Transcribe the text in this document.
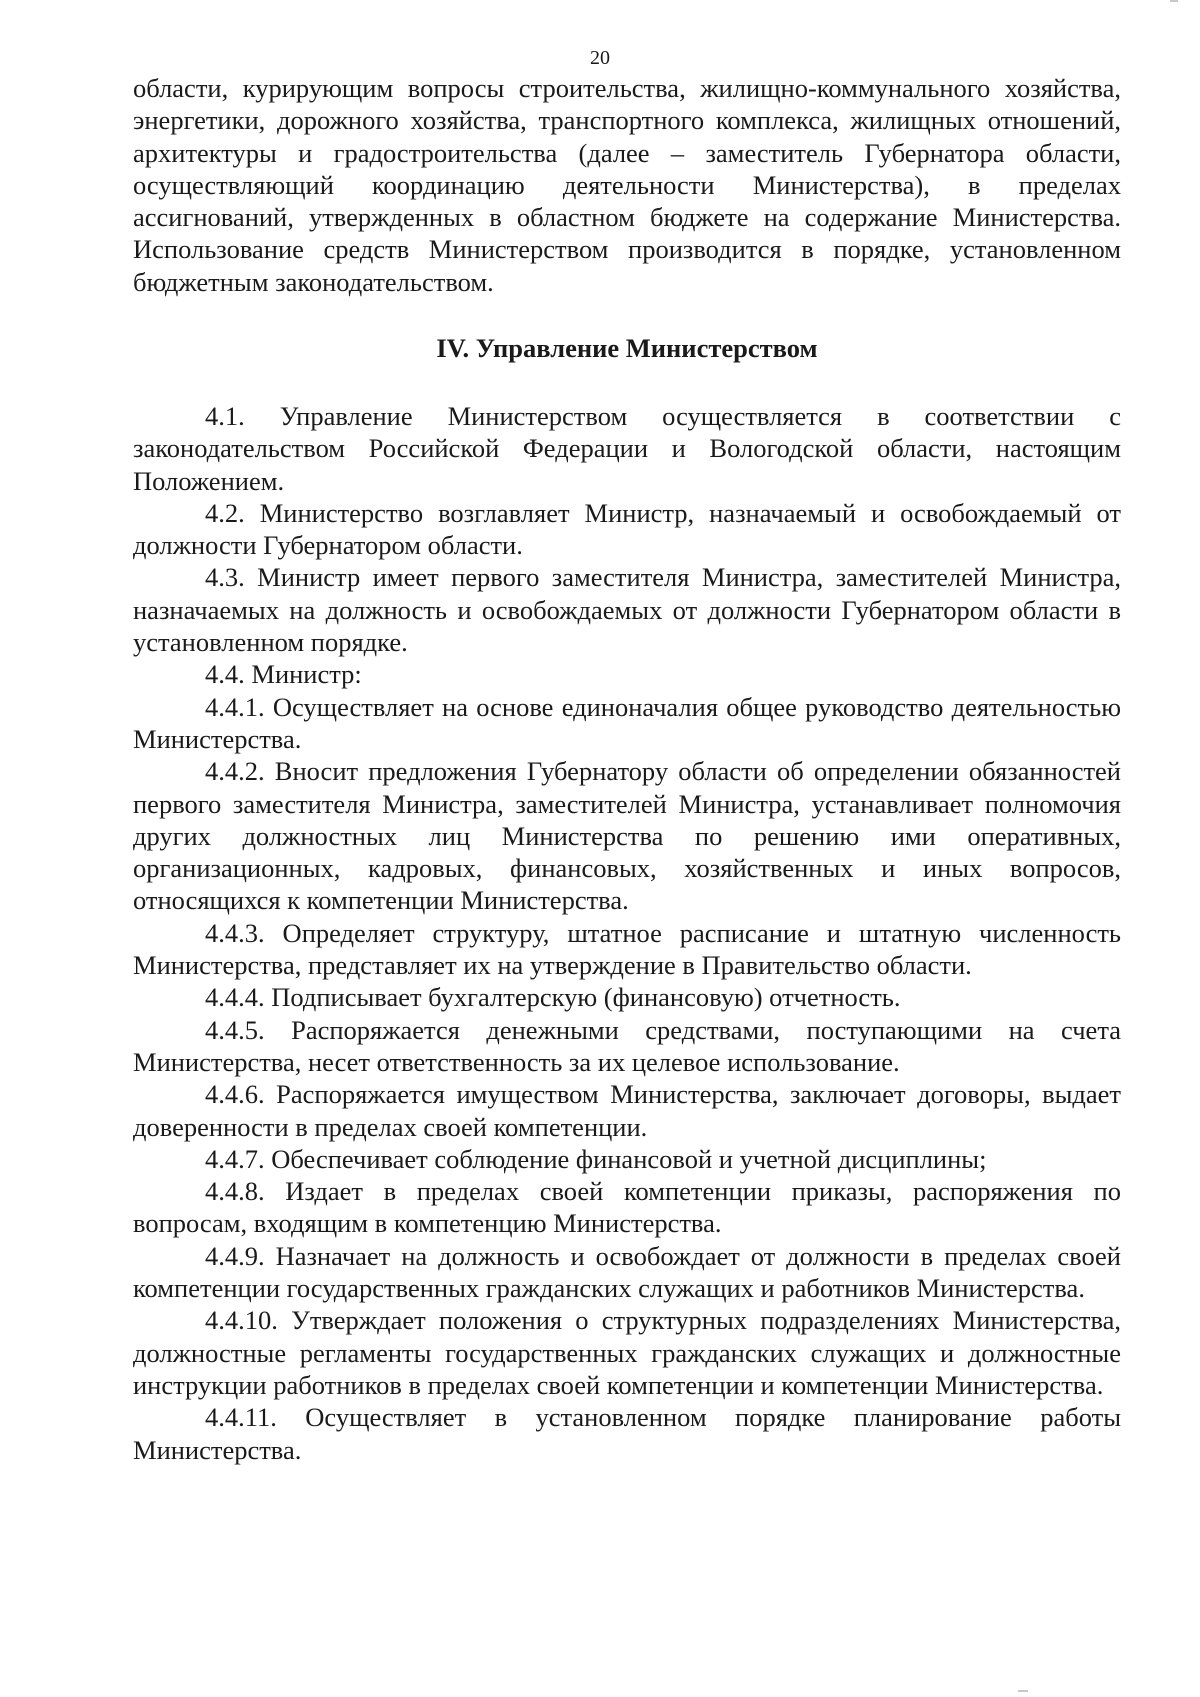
20

области, курирующим вопросы строительства, жилищно-коммунального хозяйства, энергетики, дорожного хозяйства, транспортного комплекса, жилищных отношений, архитектуры и градостроительства (далее – заместитель Губернатора области, осуществляющий координацию деятельности Министерства), в пределах ассигнований, утвержденных в областном бюджете на содержание Министерства. Использование средств Министерством производится в порядке, установленном бюджетным законодательством.

IV. Управление Министерством

4.1. Управление Министерством осуществляется в соответствии с законодательством Российской Федерации и Вологодской области, настоящим Положением.

4.2. Министерство возглавляет Министр, назначаемый и освобождаемый от должности Губернатором области.

4.3. Министр имеет первого заместителя Министра, заместителей Министра, назначаемых на должность и освобождаемых от должности Губернатором области в установленном порядке.

4.4. Министр:

4.4.1. Осуществляет на основе единоначалия общее руководство деятельностью Министерства.

4.4.2. Вносит предложения Губернатору области об определении обязанностей первого заместителя Министра, заместителей Министра, устанавливает полномочия других должностных лиц Министерства по решению ими оперативных, организационных, кадровых, финансовых, хозяйственных и иных вопросов, относящихся к компетенции Министерства.

4.4.3. Определяет структуру, штатное расписание и штатную численность Министерства, представляет их на утверждение в Правительство области.

4.4.4. Подписывает бухгалтерскую (финансовую) отчетность.

4.4.5. Распоряжается денежными средствами, поступающими на счета Министерства, несет ответственность за их целевое использование.

4.4.6. Распоряжается имуществом Министерства, заключает договоры, выдает доверенности в пределах своей компетенции.

4.4.7. Обеспечивает соблюдение финансовой и учетной дисциплины;

4.4.8. Издает в пределах своей компетенции приказы, распоряжения по вопросам, входящим в компетенцию Министерства.

4.4.9. Назначает на должность и освобождает от должности в пределах своей компетенции государственных гражданских служащих и работников Министерства.

4.4.10. Утверждает положения о структурных подразделениях Министерства, должностные регламенты государственных гражданских служащих и должностные инструкции работников в пределах своей компетенции и компетенции Министерства.

4.4.11. Осуществляет в установленном порядке планирование работы Министерства.
